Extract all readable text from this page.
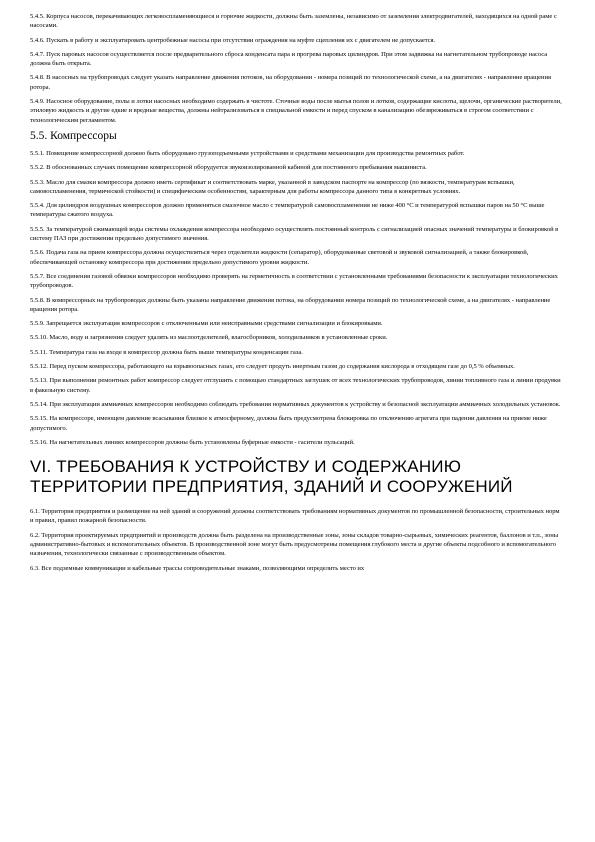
5.4.5. Корпуса насосов, перекачивающих легковоспламеняющиеся и горючие жидкости, должны быть заземлены, независимо от заземления электродвигателей, находящихся на одной раме с насосами.

5.4.6. Пускать в работу и эксплуатировать центробежные насосы при отсутствии ограждения на муфте сцепления их с двигателем не допускается.

5.4.7. Пуск паровых насосов осуществляется после предварительного сброса конденсата пара и прогрева паровых цилиндров. При этом задвижка на нагнетательном трубопроводе насоса должна быть открыта.

5.4.8. В насосных на трубопроводах следует указать направление движения потоков, на оборудовании - номера позиций по технологической схеме, а на двигателях - направление вращения ротора.

5.4.9. Насосное оборудование, полы и лотки насосных необходимо содержать в чистоте. Сточные воды после мытья полов и лотков, содержащие кислоты, щелочи, органические растворители, этиловую жидкость и другие едкие и вредные вещества, должны нейтрализоваться в специальной емкости и перед спуском в канализацию обезвреживаться в строгом соответствии с технологическим регламентом.

5.5. Компрессоры

5.5.1. Помещение компрессорной должно быть оборудовано грузоподъемными устройствами и средствами механизации для производства ремонтных работ.

5.5.2. В обоснованных случаях помещение компрессорной оборудуется звукоизолированной кабиной для постоянного пребывания машиниста.

5.5.3. Масло для смазки компрессора должно иметь сертификат и соответствовать марке, указанной в заводском паспорте на компрессор (по вязкости, температурам вспышки, самовоспламенения, термической стойкости) и специфическим особенностям, характерным для работы компрессора данного типа в конкретных условиях.

5.5.4. Для цилиндров воздушных компрессоров должно применяться смазочное масло с температурой самовоспламенения не ниже 400 °С и температурой вспышки паров на 50 °С выше температуры сжатого воздуха.

5.5.5. За температурой сжимающей воды системы охлаждения компрессора необходимо осуществлять постоянный контроль с сигнализацией опасных значений температуры и блокировкой в систему ПАЗ при достижении предельно допустимого значения.

5.5.6. Подача газа на прием компрессора должна осуществляться через отделители жидкости (сепаратор), оборудованные световой и звуковой сигнализацией, а также блокировкой, обеспечивающей остановку компрессора при достижении предельно допустимого уровня жидкости.

5.5.7. Все соединения газовой обвязки компрессоров необходимо проверять на герметичность в соответствии с установленными требованиями безопасности к эксплуатации технологических трубопроводов.

5.5.8. В компрессорных на трубопроводах должны быть указаны направление движения потока, на оборудовании номера позиций по технологической схеме, а на двигателях - направление вращения ротора.

5.5.9. Запрещается эксплуатация компрессоров с отключенными или неисправными средствами сигнализации и блокировками.

5.5.10. Масло, воду и загрязнения следует удалять из маслоотделителей, влагосборников, холодильников в установленные сроки.

5.5.11. Температура газа на входе в компрессор должна быть выше температуры конденсации газа.

5.5.12. Перед пуском компрессора, работающего на взрывоопасных газах, его следует продуть инертным газом до содержания кислорода в отходящем газе до 0,5 % объемных.

5.5.13. При выполнении ремонтных работ компрессор следует отглушить с помощью стандартных заглушек от всех технологических трубопроводов, линии топливного газа и линии продувки в факельную систему.

5.5.14. При эксплуатации аммиачных компрессоров необходимо соблюдать требования нормативных документов к устройству и безопасной эксплуатации аммиачных холодильных установок.

5.5.15. На компрессоре, имеющем давление всасывания близкое к атмосферному, должна быть предусмотрена блокировка по отключению агрегата при падении давления на приеме ниже допустимого.

5.5.16. На нагнетательных линиях компрессоров должны быть установлены буферные емкости - гасители пульсаций.

VI. ТРЕБОВАНИЯ К УСТРОЙСТВУ И СОДЕРЖАНИЮ ТЕРРИТОРИИ ПРЕДПРИЯТИЯ, ЗДАНИЙ И СООРУЖЕНИЙ

6.1. Территория предприятия и размещение на ней зданий и сооружений должны соответствовать требованиям нормативных документов по промышленной безопасности, строительных норм и правил, правил пожарной безопасности.

6.2. Территория проектируемых предприятий и производств должна быть разделена на производственные зоны, зоны складов товарно-сырьевых, химических реагентов, баллонов и т.п., зоны административно-бытовых и вспомогательных объектов. В производственной зоне могут быть предусмотрены помещения глубокого места и другие объекты подсобного и вспомогательного назначения, технологически связанные с производственным объектом.

6.3. Все подземные коммуникации и кабельные трассы сопроводительные знаками, позволяющими определить место их
